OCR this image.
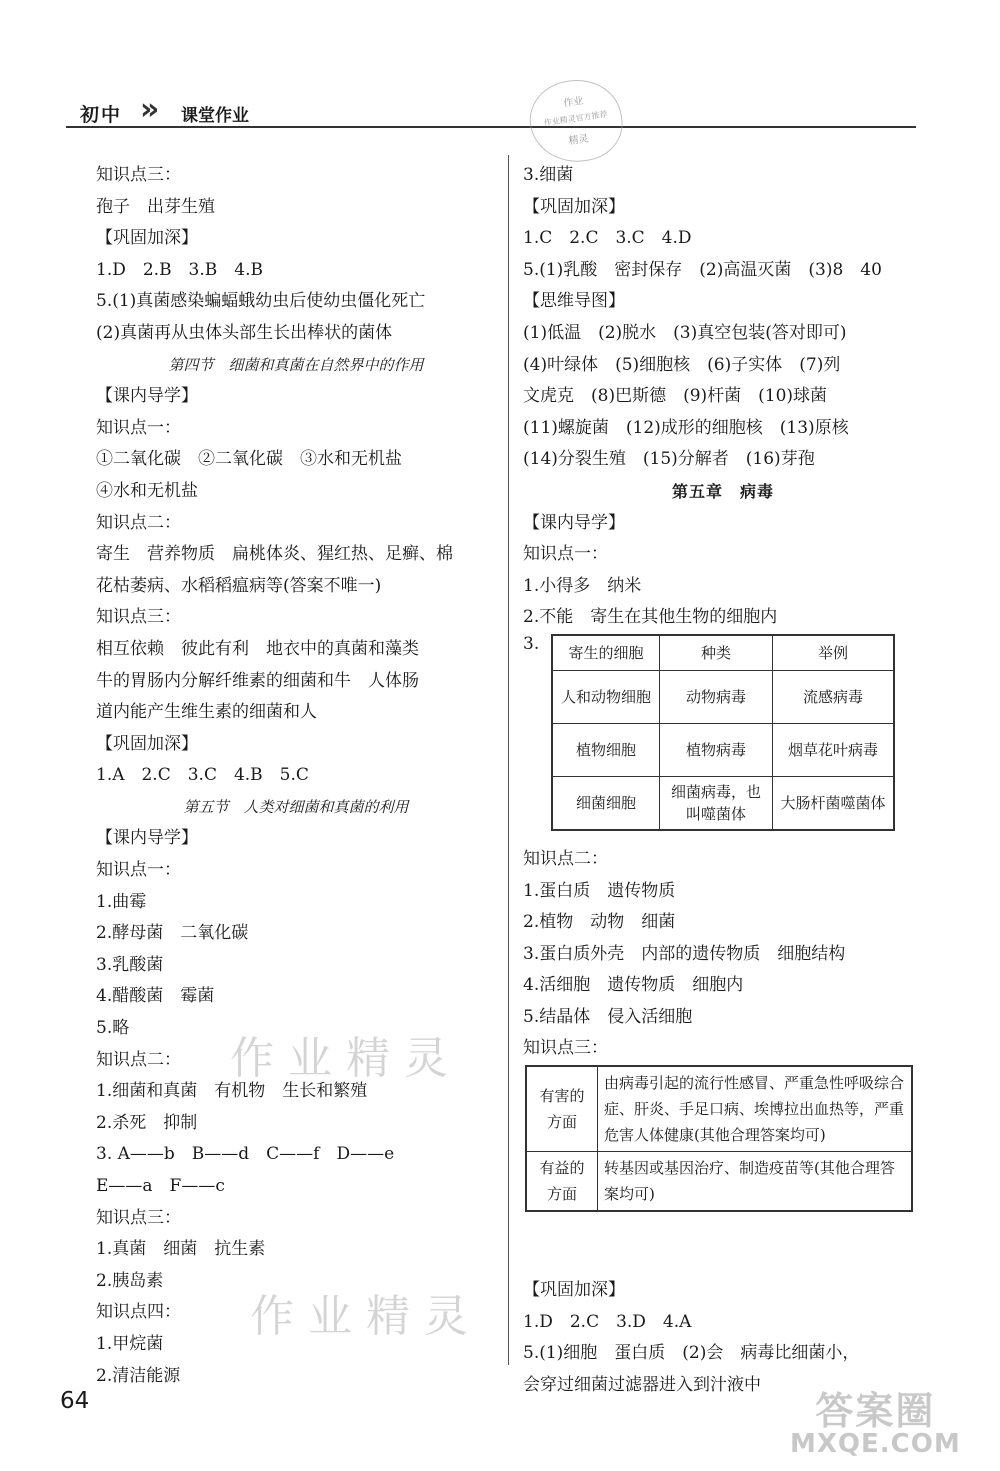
初中 » 课堂作业
作业
作业精灵官方推荐
精灵
知识点三：
孢子　出芽生殖
【巩固加深】
1.D　2.B　3.B　4.B
5.(1)真菌感染蝙蝠蛾幼虫后使幼虫僵化死亡
(2)真菌再从虫体头部生长出棒状的菌体
第四节　细菌和真菌在自然界中的作用
【课内导学】
知识点一：
①二氧化碳　②二氧化碳　③水和无机盐
④水和无机盐
知识点二：
寄生　营养物质　扁桃体炎、猩红热、足癣、棉
花枯萎病、水稻稻瘟病等(答案不唯一)
知识点三：
相互依赖　彼此有利　地衣中的真菌和藻类
牛的胃肠内分解纤维素的细菌和牛　人体肠
道内能产生维生素的细菌和人
【巩固加深】
1.A　2.C　3.C　4.B　5.C
第五节　人类对细菌和真菌的利用
【课内导学】
知识点一：
1.曲霉
2.酵母菌　二氧化碳
3.乳酸菌
4.醋酸菌　霉菌
5.略
知识点二：
1.细菌和真菌　有机物　生长和繁殖
2.杀死　抑制
3. A——b　B——d　C——f　D——e
E——a　F——c
知识点三：
1.真菌　细菌　抗生素
2.胰岛素
知识点四：
1.甲烷菌
2.清洁能源
3.细菌
【巩固加深】
1.C　2.C　3.C　4.D
5.(1)乳酸　密封保存　(2)高温灭菌　(3)8　40
【思维导图】
(1)低温　(2)脱水　(3)真空包装(答对即可)
(4)叶绿体　(5)细胞核　(6)子实体　(7)列
文虎克　(8)巴斯德　(9)杆菌　(10)球菌
(11)螺旋菌　(12)成形的细胞核　(13)原核
(14)分裂生殖　(15)分解者　(16)芽孢
第五章　病毒
【课内导学】
知识点一：
1.小得多　纳米
2.不能　寄生在其他生物的细胞内
3. 寄生的细胞	种类	举例
人和动物细胞	动物病毒	流感病毒
植物细胞	植物病毒	烟草花叶病毒
细菌细胞	细菌病毒，也叫噬菌体	大肠杆菌噬菌体
知识点二：
1.蛋白质　遗传物质
2.植物　动物　细菌
3.蛋白质外壳　内部的遗传物质　细胞结构
4.活细胞　遗传物质　细胞内
5.结晶体　侵入活细胞
知识点三：
有害的方面	由病毒引起的流行性感冒、严重急性呼吸综合症、肝炎、手足口病、埃博拉出血热等，严重危害人体健康(其他合理答案均可)
有益的方面	转基因或基因治疗、制造疫苗等(其他合理答案均可)
【巩固加深】
1.D　2.C　3.D　4.A
5.(1)细胞　蛋白质　(2)会　病毒比细菌小，
会穿过细菌过滤器进入到汁液中
作业精灵
作业精灵
64	答案圈
MXQE.COM
